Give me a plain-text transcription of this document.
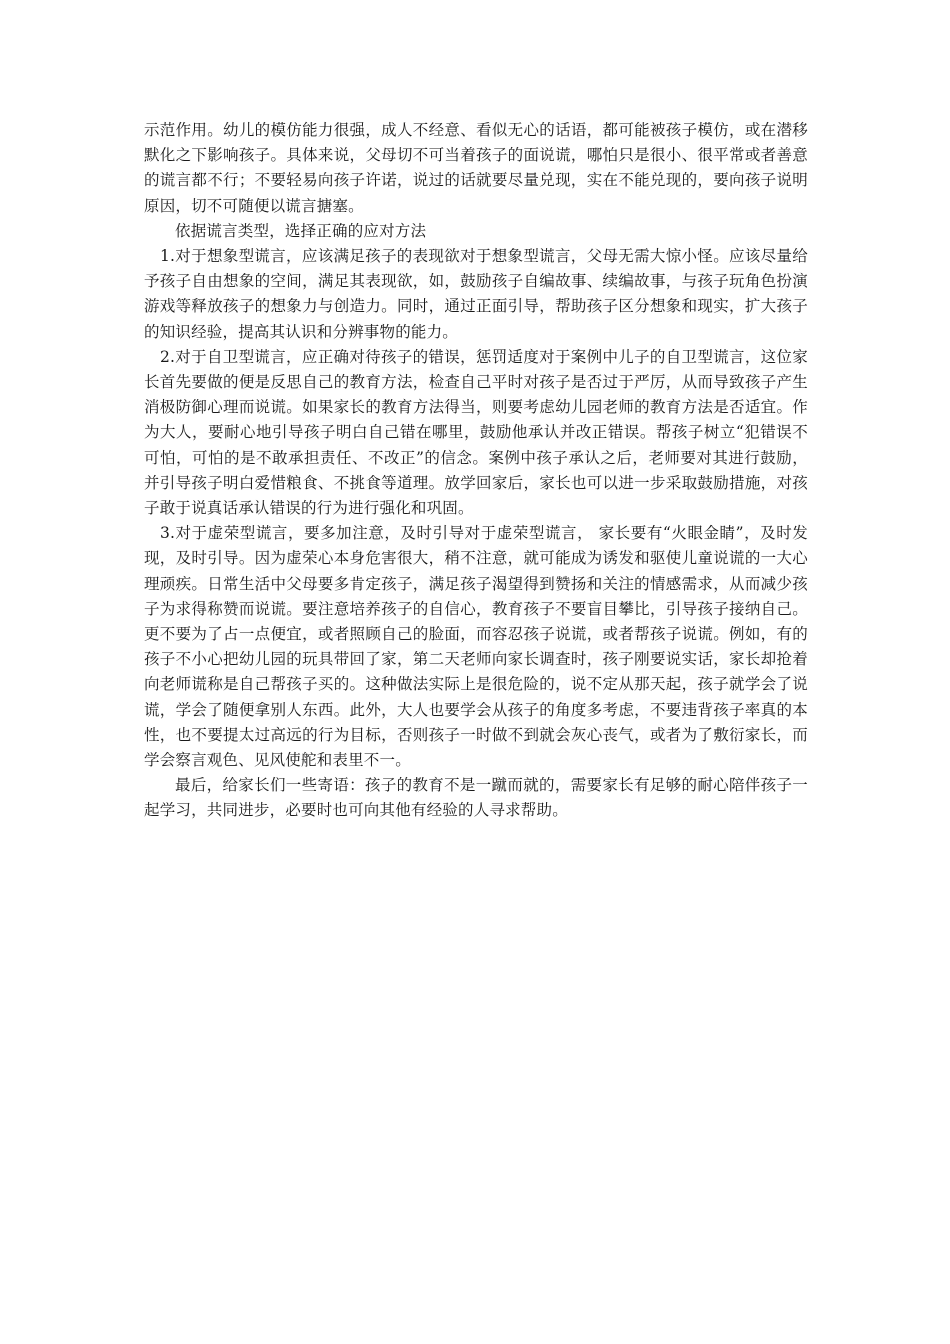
示范作用。幼儿的模仿能力很强，成人不经意、看似无心的话语，都可能被孩子模仿，或在潜移默化之下影响孩子。具体来说，父母切不可当着孩子的面说谎，哪怕只是很小、很平常或者善意的谎言都不行；不要轻易向孩子许诺，说过的话就要尽量兑现，实在不能兑现的，要向孩子说明原因，切不可随便以谎言搪塞。

依据谎言类型，选择正确的应对方法

1.对于想象型谎言，应该满足孩子的表现欲对于想象型谎言，父母无需大惊小怪。应该尽量给予孩子自由想象的空间，满足其表现欲，如，鼓励孩子自编故事、续编故事，与孩子玩角色扮演游戏等释放孩子的想象力与创造力。同时，通过正面引导，帮助孩子区分想象和现实，扩大孩子的知识经验，提高其认识和分辨事物的能力。

2.对于自卫型谎言，应正确对待孩子的错误，惩罚适度对于案例中儿子的自卫型谎言，这位家长首先要做的便是反思自己的教育方法，检查自己平时对孩子是否过于严厉，从而导致孩子产生消极防御心理而说谎。如果家长的教育方法得当，则要考虑幼儿园老师的教育方法是否适宜。作为大人，要耐心地引导孩子明白自己错在哪里，鼓励他承认并改正错误。帮孩子树立“犯错误不可怕，可怕的是不敢承担责任、不改正”的信念。案例中孩子承认之后，老师要对其进行鼓励，并引导孩子明白爱惜粮食、不挑食等道理。放学回家后，家长也可以进一步采取鼓励措施，对孩子敢于说真话承认错误的行为进行强化和巩固。

3.对于虚荣型谎言，要多加注意，及时引导对于虚荣型谎言， 家长要有“火眼金睛”，及时发现，及时引导。因为虚荣心本身危害很大，稍不注意，就可能成为诱发和驱使儿童说谎的一大心理顽疾。日常生活中父母要多肯定孩子，满足孩子渴望得到赞扬和关注的情感需求，从而减少孩子为求得称赞而说谎。要注意培养孩子的自信心，教育孩子不要盲目攀比，引导孩子接纳自己。更不要为了占一点便宜，或者照顾自己的脸面，而容忍孩子说谎，或者帮孩子说谎。例如，有的孩子不小心把幼儿园的玩具带回了家，第二天老师向家长调查时，孩子刚要说实话，家长却抢着向老师谎称是自己帮孩子买的。这种做法实际上是很危险的，说不定从那天起，孩子就学会了说谎，学会了随便拿别人东西。此外，大人也要学会从孩子的角度多考虑，不要违背孩子率真的本性，也不要提太过高远的行为目标，否则孩子一时做不到就会灰心丧气，或者为了敷衍家长，而学会察言观色、见风使舵和表里不一。

最后，给家长们一些寄语：孩子的教育不是一蹴而就的，需要家长有足够的耐心陪伴孩子一起学习，共同进步，必要时也可向其他有经验的人寻求帮助。
